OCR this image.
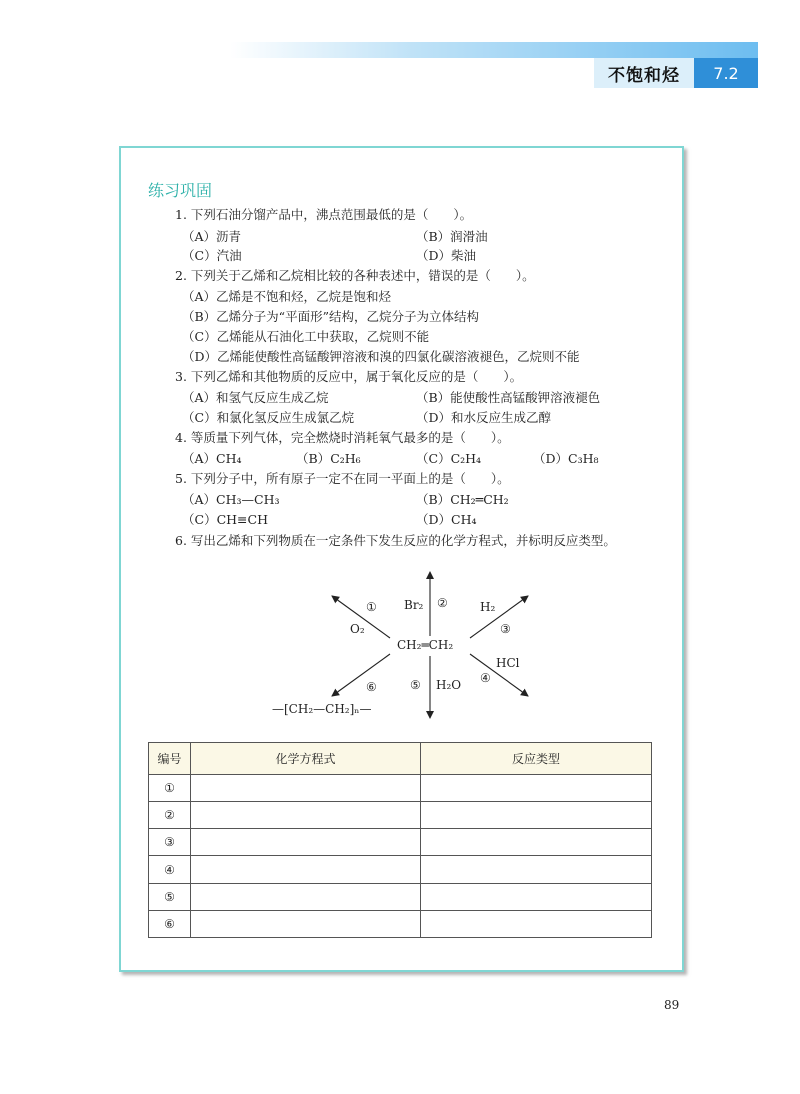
不饱和烃	7.2
练习巩固
1. 下列石油分馏产品中，沸点范围最低的是（　　）。
（A）沥青	（B）润滑油
（C）汽油	（D）柴油
2. 下列关于乙烯和乙烷相比较的各种表述中，错误的是（　　）。
（A）乙烯是不饱和烃，乙烷是饱和烃
（B）乙烯分子为“平面形”结构，乙烷分子为立体结构
（C）乙烯能从石油化工中获取，乙烷则不能
（D）乙烯能使酸性高锰酸钾溶液和溴的四氯化碳溶液褪色，乙烷则不能
3. 下列乙烯和其他物质的反应中，属于氧化反应的是（　　）。
（A）和氢气反应生成乙烷	（B）能使酸性高锰酸钾溶液褪色
（C）和氯化氢反应生成氯乙烷	（D）和水反应生成乙醇
4. 等质量下列气体，完全燃烧时消耗氧气最多的是（　　）。
（A）CH₄	（B）C₂H₆	（C）C₂H₄	（D）C₃H₈
5. 下列分子中，所有原子一定不在同一平面上的是（　　）。
（A）CH₃—CH₃	（B）CH₂═CH₂
（C）CH≡CH	（D）CH₄
6. 写出乙烯和下列物质在一定条件下发生反应的化学方程式，并标明反应类型。
CH₂═CH₂
Br₂	H₂
HCl
H₂O
O₂
—[CH₂—CH₂]ₙ—
①	②
③
④
⑤
⑥
编号	化学方程式	反应类型
①		
②		
③		
④		
⑤		
⑥		
89
